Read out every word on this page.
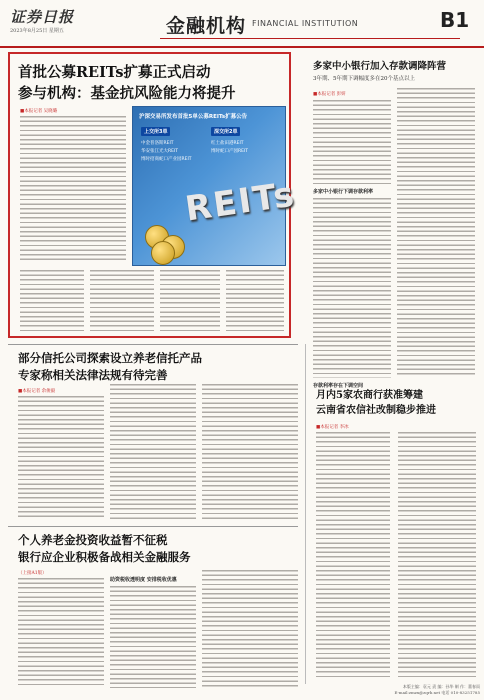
证券日报
2023年8月25日 星期五	金融机构 FINANCIAL INSTITUTION	B1
首批公募REITs扩募正式启动
参与机构：基金抗风险能力将提升
■本报记者 吴晓璐
沪深交易所发布首批5单公募REITs扩募公告
上交所3单	深交所2单
中金普洛斯REIT
华安张江光大REIT
博时招商蛇口产业园REIT
红土盐田港REIT
博时蛇口产园REIT
REITs
多家中小银行加入存款调降阵营
3年期、5年期下调幅度多在20个基点以上
■本报记者 彭妍
多家中小银行下调存款利率
存款利率存在下调空间
部分信托公司探索设立养老信托产品
专家称相关法律法规有待完善
■本报记者 余俊毅	月内5家农商行获准筹建
云南省农信社改制稳步推进
■本报记者 李冰
个人养老金投资收益暂不征税
银行应企业积极备战相关金融服务
（上接A1版）
助资税收透明度 安排税收优惠
本版主编：袁元 责 编：孙华 制 作：董春雨
E-mail:zmzx@zqrb.net 电话 010-83251785
